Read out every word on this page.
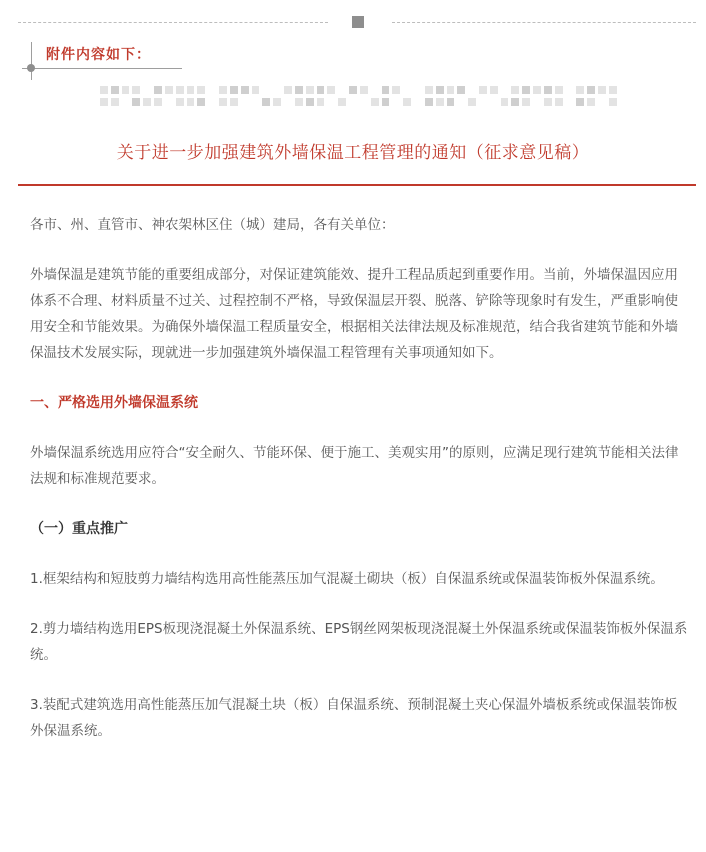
附件内容如下：
关于进一步加强建筑外墙保温工程管理的通知（征求意见稿）

各市、州、直管市、神农架林区住（城）建局，各有关单位：

外墙保温是建筑节能的重要组成部分，对保证建筑能效、提升工程品质起到重要作用。当前，外墙保温因应用体系不合理、材料质量不过关、过程控制不严格，导致保温层开裂、脱落、铲除等现象时有发生，严重影响使用安全和节能效果。为确保外墙保温工程质量安全，根据相关法律法规及标准规范，结合我省建筑节能和外墙保温技术发展实际，现就进一步加强建筑外墙保温工程管理有关事项通知如下。

一、严格选用外墙保温系统

外墙保温系统选用应符合“安全耐久、节能环保、便于施工、美观实用”的原则，应满足现行建筑节能相关法律法规和标准规范要求。

（一）重点推广

1.框架结构和短肢剪力墙结构选用高性能蒸压加气混凝土砌块（板）自保温系统或保温装饰板外保温系统。

2.剪力墙结构选用EPS板现浇混凝土外保温系统、EPS钢丝网架板现浇混凝土外保温系统或保温装饰板外保温系统。

3.装配式建筑选用高性能蒸压加气混凝土块（板）自保温系统、预制混凝土夹心保温外墙板系统或保温装饰板外保温系统。
